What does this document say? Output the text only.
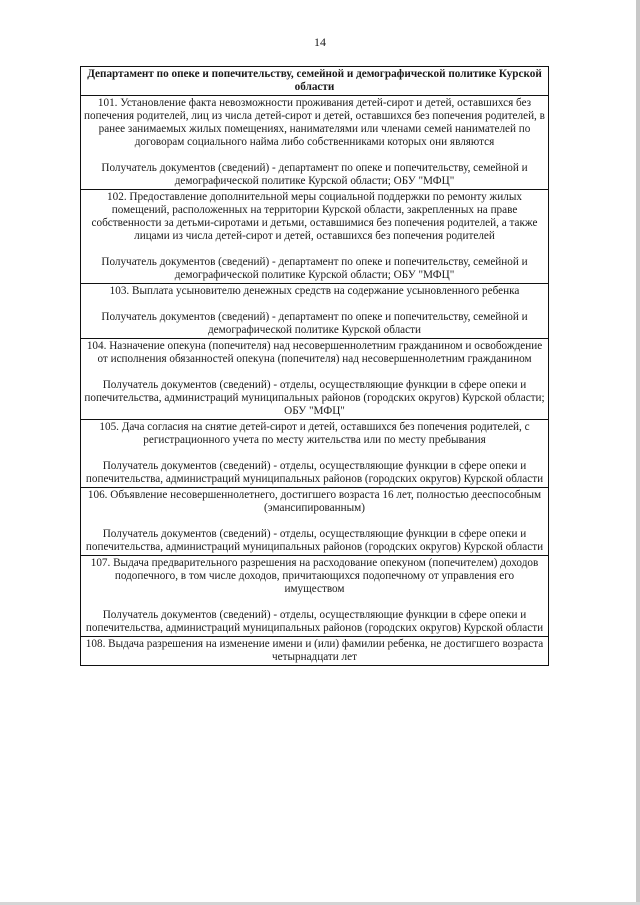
14
Департамент по опеке и попечительству, семейной и демографической политике Курской области

101. Установление факта невозможности проживания детей-сирот и детей, оставшихся без попечения родителей, лиц из числа детей-сирот и детей, оставшихся без попечения родителей, в ранее занимаемых жилых помещениях, нанимателями или членами семей нанимателей по договорам социального найма либо собственниками которых они являются
Получатель документов (сведений) - департамент по опеке и попечительству, семейной и демографической политике Курской области; ОБУ "МФЦ"

102. Предоставление дополнительной меры социальной поддержки по ремонту жилых помещений, расположенных на территории Курской области, закрепленных на праве собственности за детьми-сиротами и детьми, оставшимися без попечения родителей, а также лицами из числа детей-сирот и детей, оставшихся без попечения родителей
Получатель документов (сведений) - департамент по опеке и попечительству, семейной и демографической политике Курской области; ОБУ "МФЦ"

103. Выплата усыновителю денежных средств на содержание усыновленного ребенка
Получатель документов (сведений) - департамент по опеке и попечительству, семейной и демографической политике Курской области

104. Назначение опекуна (попечителя) над несовершеннолетним гражданином и освобождение от исполнения обязанностей опекуна (попечителя) над несовершеннолетним гражданином
Получатель документов (сведений) - отделы, осуществляющие функции в сфере опеки и попечительства, администраций муниципальных районов (городских округов) Курской области; ОБУ "МФЦ"

105. Дача согласия на снятие детей-сирот и детей, оставшихся без попечения родителей, с регистрационного учета по месту жительства или по месту пребывания
Получатель документов (сведений) - отделы, осуществляющие функции в сфере опеки и попечительства, администраций муниципальных районов (городских округов) Курской области

106. Объявление несовершеннолетнего, достигшего возраста 16 лет, полностью дееспособным (эмансипированным)
Получатель документов (сведений) - отделы, осуществляющие функции в сфере опеки и попечительства, администраций муниципальных районов (городских округов) Курской области

107. Выдача предварительного разрешения на расходование опекуном (попечителем) доходов подопечного, в том числе доходов, причитающихся подопечному от управления его имуществом
Получатель документов (сведений) - отделы, осуществляющие функции в сфере опеки и попечительства, администраций муниципальных районов (городских округов) Курской области

108. Выдача разрешения на изменение имени и (или) фамилии ребенка, не достигшего возраста четырнадцати лет
